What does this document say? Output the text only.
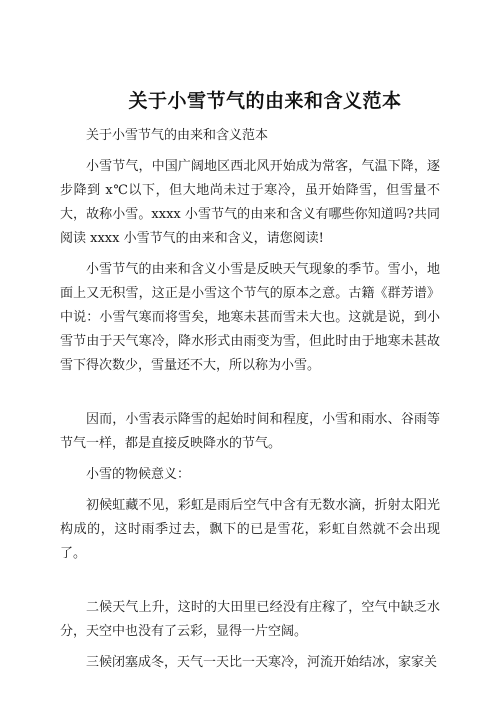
关于小雪节气的由来和含义范本

关于小雪节气的由来和含义范本

小雪节气，中国广阔地区西北风开始成为常客，气温下降，逐步降到 x℃以下，但大地尚未过于寒冷，虽开始降雪，但雪量不大，故称小雪。xxxx 小雪节气的由来和含义有哪些你知道吗?共同阅读 xxxx 小雪节气的由来和含义，请您阅读!

小雪节气的由来和含义小雪是反映天气现象的季节。雪小，地面上又无积雪，这正是小雪这个节气的原本之意。古籍《群芳谱》中说：小雪气寒而将雪矣，地寒未甚而雪未大也。这就是说，到小雪节由于天气寒冷，降水形式由雨变为雪，但此时由于地寒未甚故雪下得次数少，雪量还不大，所以称为小雪。

因而，小雪表示降雪的起始时间和程度，小雪和雨水、谷雨等节气一样，都是直接反映降水的节气。

小雪的物候意义：

初候虹藏不见，彩虹是雨后空气中含有无数水滴，折射太阳光构成的，这时雨季过去，飘下的已是雪花，彩虹自然就不会出现了。

二候天气上升，这时的大田里已经没有庄稼了，空气中缺乏水分，天空中也没有了云彩，显得一片空阔。

三候闭塞成冬，天气一天比一天寒冷，河流开始结冰，家家关
